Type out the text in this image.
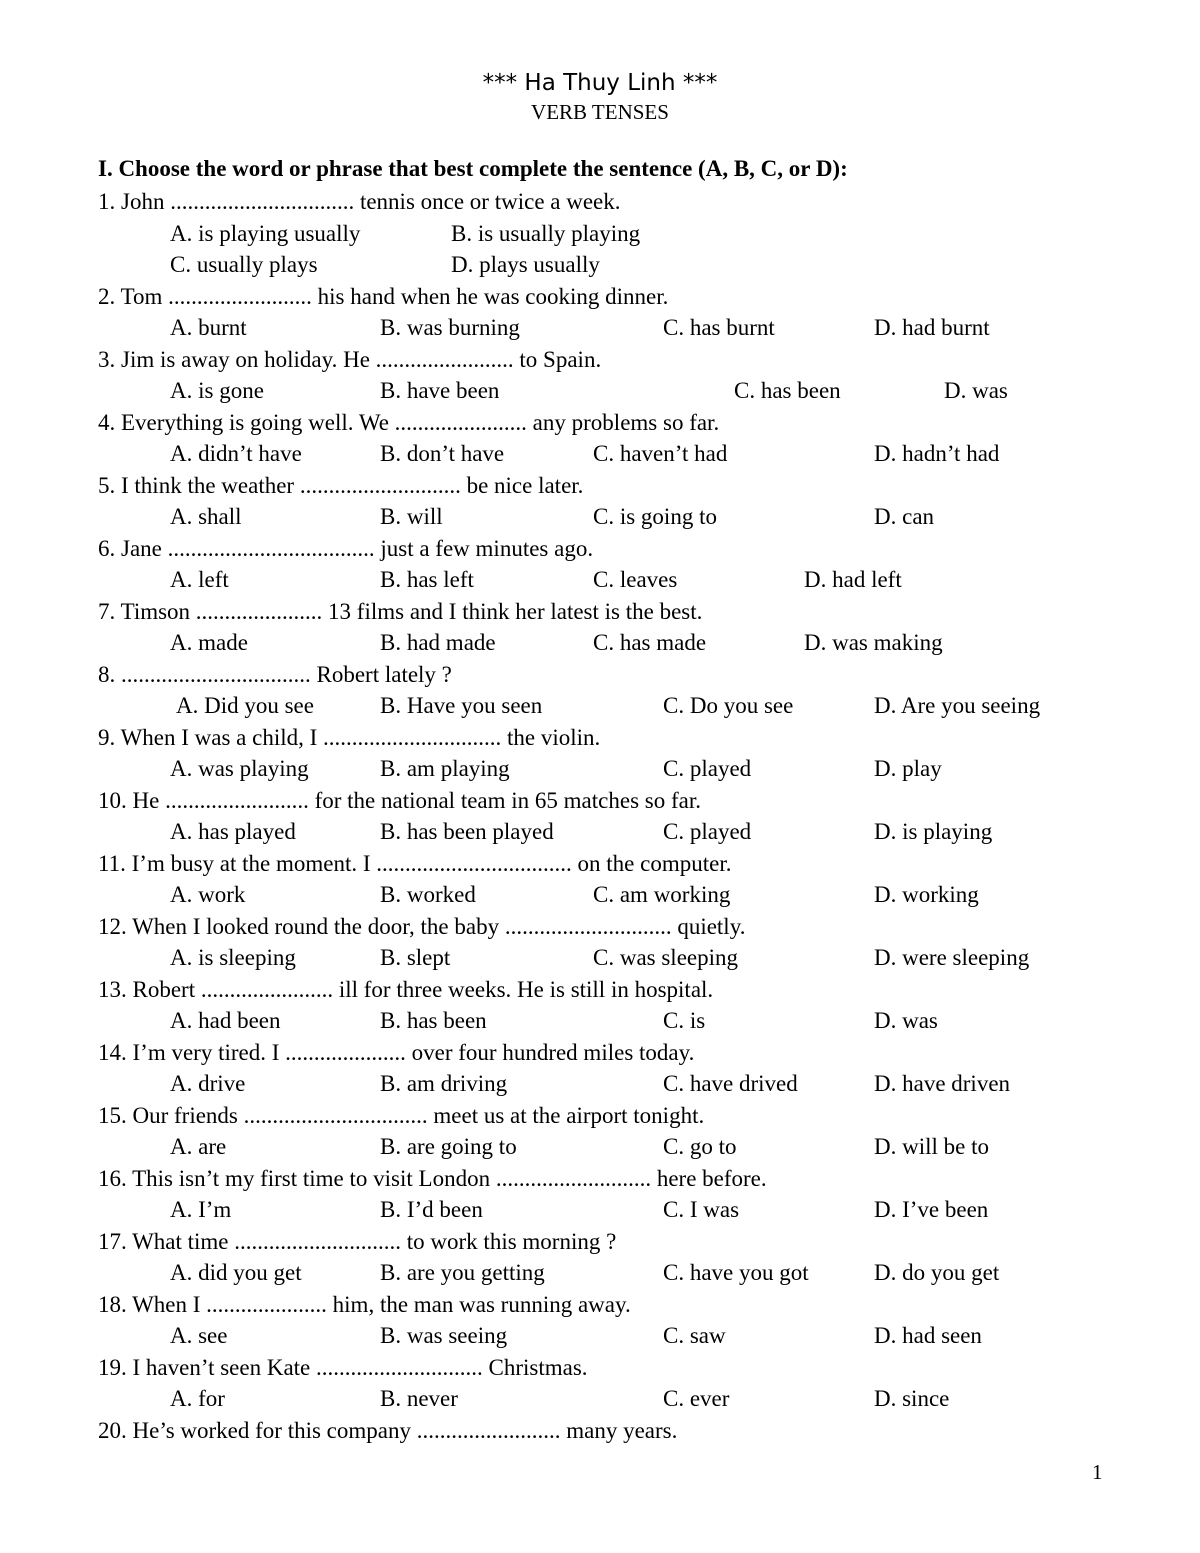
*** Ha Thuy Linh ***
VERB TENSES
I. Choose the word or phrase that best complete the sentence (A, B, C, or D):
1. John ................................ tennis once or twice a week.
A. is playing usually	B. is usually playing
C. usually plays	D. plays usually
2. Tom ......................... his hand when he was cooking dinner.
A. burnt	B. was burning	C. has burnt	D. had burnt
3. Jim is away on holiday. He ........................ to Spain.
A. is gone	B. have been	C. has been	D. was
4. Everything is going well. We ....................... any problems so far.
A. didn’t have	B. don’t have	C. haven’t had	D. hadn’t had
5. I think the weather ............................ be nice later.
A. shall	B. will	C. is going to	D. can
6. Jane .................................... just a few minutes ago.
A. left	B. has left	C. leaves	D. had left
7. Timson ...................... 13 films and I think her latest is the best.
A. made	B. had made	C. has made	D. was making
8. ................................. Robert lately ?
A. Did you see	B. Have you seen	C. Do you see	D. Are you seeing
9. When I was a child, I ............................... the violin.
A. was playing	B. am playing	C. played	D. play
10. He ......................... for the national team in 65 matches so far.
A. has played	B. has been played	C. played	D. is playing
11. I’m busy at the moment. I .................................. on the computer.
A. work	B. worked	C. am working	D. working
12. When I looked round the door, the baby ............................. quietly.
A. is sleeping	B. slept	C. was sleeping	D. were sleeping
13. Robert ....................... ill for three weeks. He is still in hospital.
A. had been	B. has been	C. is	D. was
14. I’m very tired. I ..................... over four hundred miles today.
A. drive	B. am driving	C. have drived	D. have driven
15. Our friends ................................ meet us at the airport tonight.
A. are	B. are going to	C. go to	D. will be to
16. This isn’t my first time to visit London ........................... here before.
A. I’m	B. I’d been	C. I was	D. I’ve been
17. What time ............................. to work this morning ?
A. did you get	B. are you getting	C. have you got	D. do you get
18. When I ..................... him, the man was running away.
A. see	B. was seeing	C. saw	D. had seen
19. I haven’t seen Kate ............................. Christmas.
A. for	B. never	C. ever	D. since
20. He’s worked for this company ......................... many years.
1
